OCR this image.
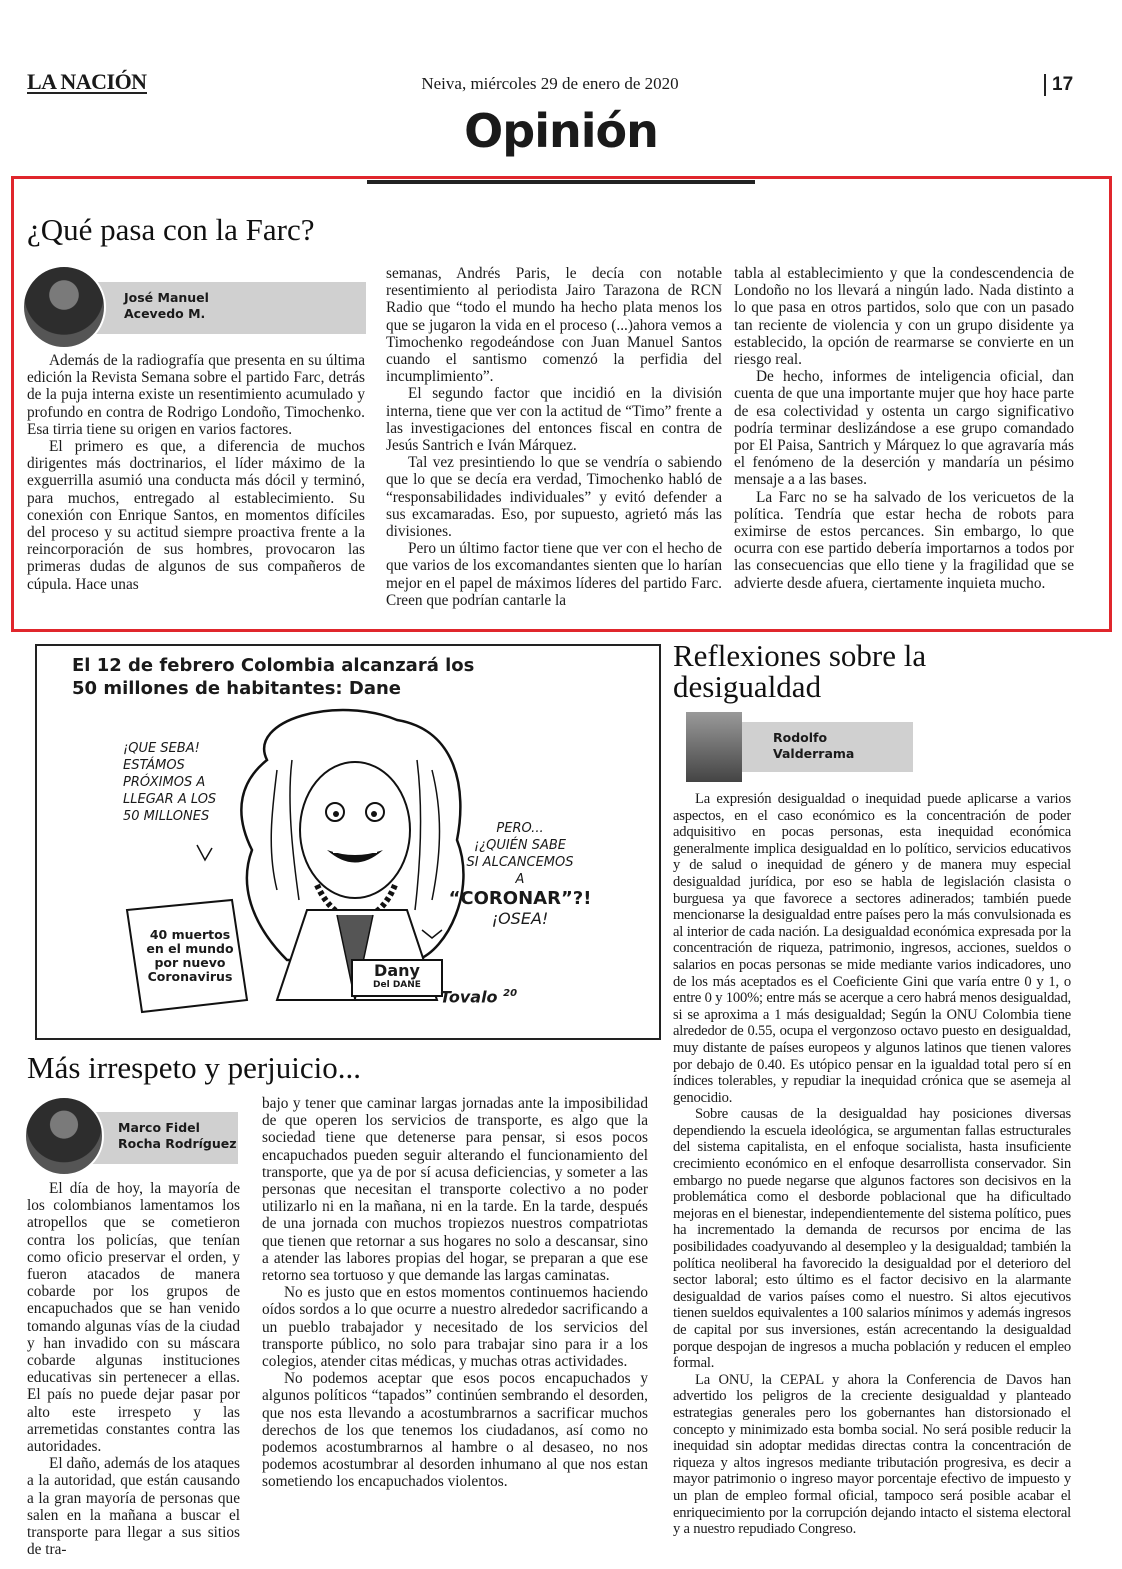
LA NACIÓN	Neiva, miércoles 29 de enero de 2020	17
Opinión
¿Qué pasa con la Farc?
José Manuel
Acevedo M.

Además de la radiografía que presenta en su última edición la Revista Semana sobre el partido Farc, detrás de la puja interna existe un resentimiento acumulado y profundo en contra de Rodrigo Londoño, Timochenko. Esa tirria tiene su origen en varios factores.

El primero es que, a diferencia de muchos dirigentes más doctrinarios, el líder máximo de la exguerrilla asumió una conducta más dócil y terminó, para muchos, entregado al establecimiento. Su conexión con Enrique Santos, en momentos difíciles del proceso y su actitud siempre proactiva frente a la reincorporación de sus hombres, provocaron las primeras dudas de algunos de sus compañeros de cúpula. Hace unas

semanas, Andrés Paris, le decía con notable resentimiento al periodista Jairo Tarazona de RCN Radio que “todo el mundo ha hecho plata menos los que se jugaron la vida en el proceso (...)ahora vemos a Timochenko regodeándose con Juan Manuel Santos cuando el santismo comenzó la perfidia del incumplimiento”.

El segundo factor que incidió en la división interna, tiene que ver con la actitud de “Timo” frente a las investigaciones del entonces fiscal en contra de Jesús Santrich e Iván Márquez.

Tal vez presintiendo lo que se vendría o sabiendo que lo que se decía era verdad, Timochenko habló de “responsabilidades individuales” y evitó defender a sus excamaradas. Eso, por supuesto, agrietó más las divisiones.

Pero un último factor tiene que ver con el hecho de que varios de los excomandantes sienten que lo harían mejor en el papel de máximos líderes del partido Farc. Creen que podrían cantarle la

tabla al establecimiento y que la condescendencia de Londoño no los llevará a ningún lado. Nada distinto a lo que pasa en otros partidos, solo que con un pasado tan reciente de violencia y con un grupo disidente ya establecido, la opción de rearmarse se convierte en un riesgo real.

De hecho, informes de inteligencia oficial, dan cuenta de que una importante mujer que hoy hace parte de esa colectividad y ostenta un cargo significativo podría terminar deslizándose a ese grupo comandado por El Paisa, Santrich y Márquez lo que agravaría más el fenómeno de la deserción y mandaría un pésimo mensaje a a las bases.

La Farc no se ha salvado de los vericuetos de la política. Tendría que estar hecha de robots para eximirse de estos percances. Sin embargo, lo que ocurra con ese partido debería importarnos a todos por las consecuencias que ello tiene y la fragilidad que se advierte desde afuera, ciertamente inquieta mucho.

El 12 de febrero Colombia alcanzará los
50 millones de habitantes: Dane
¡QUE SEBA!
ESTÁMOS
PRÓXIMOS A
LLEGAR A LOS
50 MILLONES
PERO...
¡¿QUIÉN SABE
SI ALCANCEMOS
A
“CORONAR”?!
¡OSEA!
40 muertos
en el mundo
por nuevo
Coronavirus	Dany
Del DANE
Tovalo $^{20}$
Reflexiones sobre la
desigualdad
Rodolfo
Valderrama

La expresión desigualdad o inequidad puede aplicarse a varios aspectos, en el caso económico es la concentración de poder adquisitivo en pocas personas, esta inequidad económica generalmente implica desigualdad en lo político, servicios educativos y de salud o inequidad de género y de manera muy especial desigualdad jurídica, por eso se habla de legislación clasista o burguesa ya que favorece a sectores adinerados; también puede mencionarse la desigualdad entre países pero la más convulsionada es al interior de cada nación. La desigualdad económica expresada por la concentración de riqueza, patrimonio, ingresos, acciones, sueldos o salarios en pocas personas se mide mediante varios indicadores, uno de los más aceptados es el Coeficiente Gini que varía entre 0 y 1, o entre 0 y 100%; entre más se acerque a cero habrá menos desigualdad, si se aproxima a 1 más desigualdad; Según la ONU Colombia tiene alrededor de 0.55, ocupa el vergonzoso octavo puesto en desigualdad, muy distante de países europeos y algunos latinos que tienen valores por debajo de 0.40. Es utópico pensar en la igualdad total pero sí en índices tolerables, y repudiar la inequidad crónica que se asemeja al genocidio.

Sobre causas de la desigualdad hay posiciones diversas dependiendo la escuela ideológica, se argumentan fallas estructurales del sistema capitalista, en el enfoque socialista, hasta insuficiente crecimiento económico en el enfoque desarrollista conservador. Sin embargo no puede negarse que algunos factores son decisivos en la problemática como el desborde poblacional que ha dificultado mejoras en el bienestar, independientemente del sistema político, pues ha incrementado la demanda de recursos por encima de las posibilidades coadyuvando al desempleo y la desigualdad; también la política neoliberal ha favorecido la desigualdad por el deterioro del sector laboral; esto último es el factor decisivo en la alarmante desigualdad de varios países como el nuestro. Si altos ejecutivos tienen sueldos equivalentes a 100 salarios mínimos y además ingresos de capital por sus inversiones, están acrecentando la desigualdad porque despojan de ingresos a mucha población y reducen el empleo formal.

La ONU, la CEPAL y ahora la Conferencia de Davos han advertido los peligros de la creciente desigualdad y planteado estrategias generales pero los gobernantes han distorsionado el concepto y minimizado esta bomba social. No será posible reducir la inequidad sin adoptar medidas directas contra la concentración de riqueza y altos ingresos mediante tributación progresiva, es decir a mayor patrimonio o ingreso mayor porcentaje efectivo de impuesto y un plan de empleo formal oficial, tampoco será posible acabar el enriquecimiento por la corrupción dejando intacto el sistema electoral y a nuestro repudiado Congreso.

Más irrespeto y perjuicio...
Marco Fidel
Rocha Rodríguez

El día de hoy, la mayoría de los colombianos lamentamos los atropellos que se cometieron contra los policías, que tenían como oficio preservar el orden, y fueron atacados de manera cobarde por los grupos de encapuchados que se han venido tomando algunas vías de la ciudad y han invadido con su máscara cobarde algunas instituciones educativas sin pertenecer a ellas. El país no puede dejar pasar por alto este irrespeto y las arremetidas constantes contra las autoridades.

El daño, además de los ataques a la autoridad, que están causando a la gran mayoría de personas que salen en la mañana a buscar el transporte para llegar a sus sitios de tra-

bajo y tener que caminar largas jornadas ante la imposibilidad de que operen los servicios de transporte, es algo que la sociedad tiene que detenerse para pensar, si esos pocos encapuchados pueden seguir alterando el funcionamiento del transporte, que ya de por sí acusa deficiencias, y someter a las personas que necesitan el transporte colectivo a no poder utilizarlo ni en la mañana, ni en la tarde. En la tarde, después de una jornada con muchos tropiezos nuestros compatriotas que tienen que retornar a sus hogares no solo a descansar, sino a atender las labores propias del hogar, se preparan a que ese retorno sea tortuoso y que demande las largas caminatas.

No es justo que en estos momentos continuemos haciendo oídos sordos a lo que ocurre a nuestro alrededor sacrificando a un pueblo trabajador y necesitado de los servicios del transporte público, no solo para trabajar sino para ir a los colegios, atender citas médicas, y muchas otras actividades.

No podemos aceptar que esos pocos encapuchados y algunos políticos “tapados” continúen sembrando el desorden, que nos esta llevando a acostumbrarnos a sacrificar muchos derechos de los que tenemos los ciudadanos, así como no podemos acostumbrarnos al hambre o al desaseo, no nos podemos acostumbrar al desorden inhumano al que nos estan sometiendo los encapuchados violentos.
